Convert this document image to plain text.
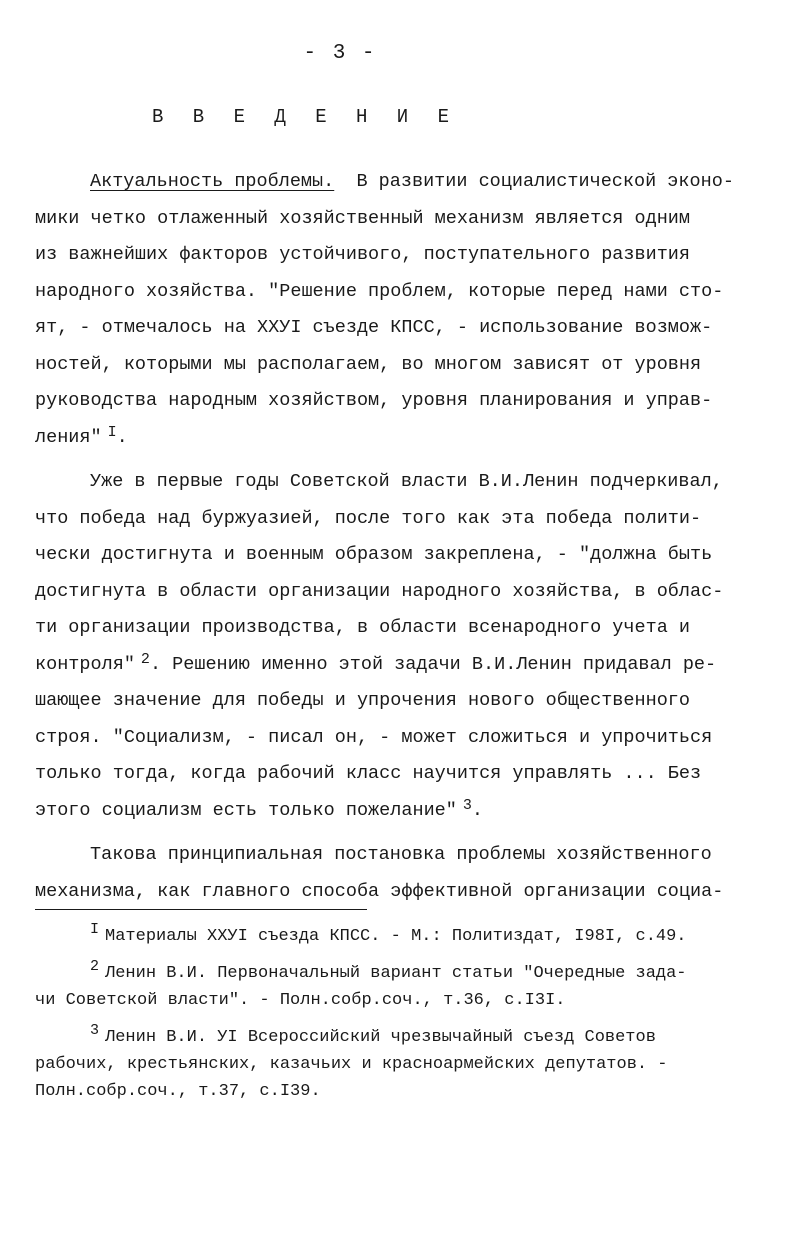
- 3 -
В В Е Д Е Н И Е
Актуальность проблемы.  В развитии социалистической эконо-
мики четко отлаженный хозяйственный механизм является одним
из важнейших факторов устойчивого, поступательного развития
народного хозяйства. "Решение проблем, которые перед нами сто-
ят, - отмечалось на ХХУI съезде КПСС, - использование возмож-
ностей, которыми мы располагаем, во многом зависят от уровня
руководства народным хозяйством, уровня планирования и управ-
ления" $^I$.
Уже в первые годы Советской власти В.И.Ленин подчеркивал,
что победа над буржуазией, после того как эта победа полити-
чески достигнута и военным образом закреплена, - "должна быть
достигнута в области организации народного хозяйства, в облас-
ти организации производства, в области всенародного учета и
контроля" $^2$. Решению именно этой задачи В.И.Ленин придавал ре-
шающее значение для победы и упрочения нового общественного
строя. "Социализм, - писал он, - может сложиться и упрочиться
только тогда, когда рабочий класс научится управлять ... Без
этого социализм есть только пожелание" $^3$.
Такова принципиальная постановка проблемы хозяйственного
механизма, как главного способа эффективной организации социа-
I Материалы ХХУI съезда КПСС. - М.: Политиздат, I98I, с.49.
2 Ленин В.И. Первоначальный вариант статьи "Очередные зада-
чи Советской власти". - Полн.собр.соч., т.36, с.I3I.
3 Ленин В.И. УI Всероссийский чрезвычайный съезд Советов
рабочих, крестьянских, казачьих и красноармейских депутатов. -
Полн.собр.соч., т.37, с.I39.
